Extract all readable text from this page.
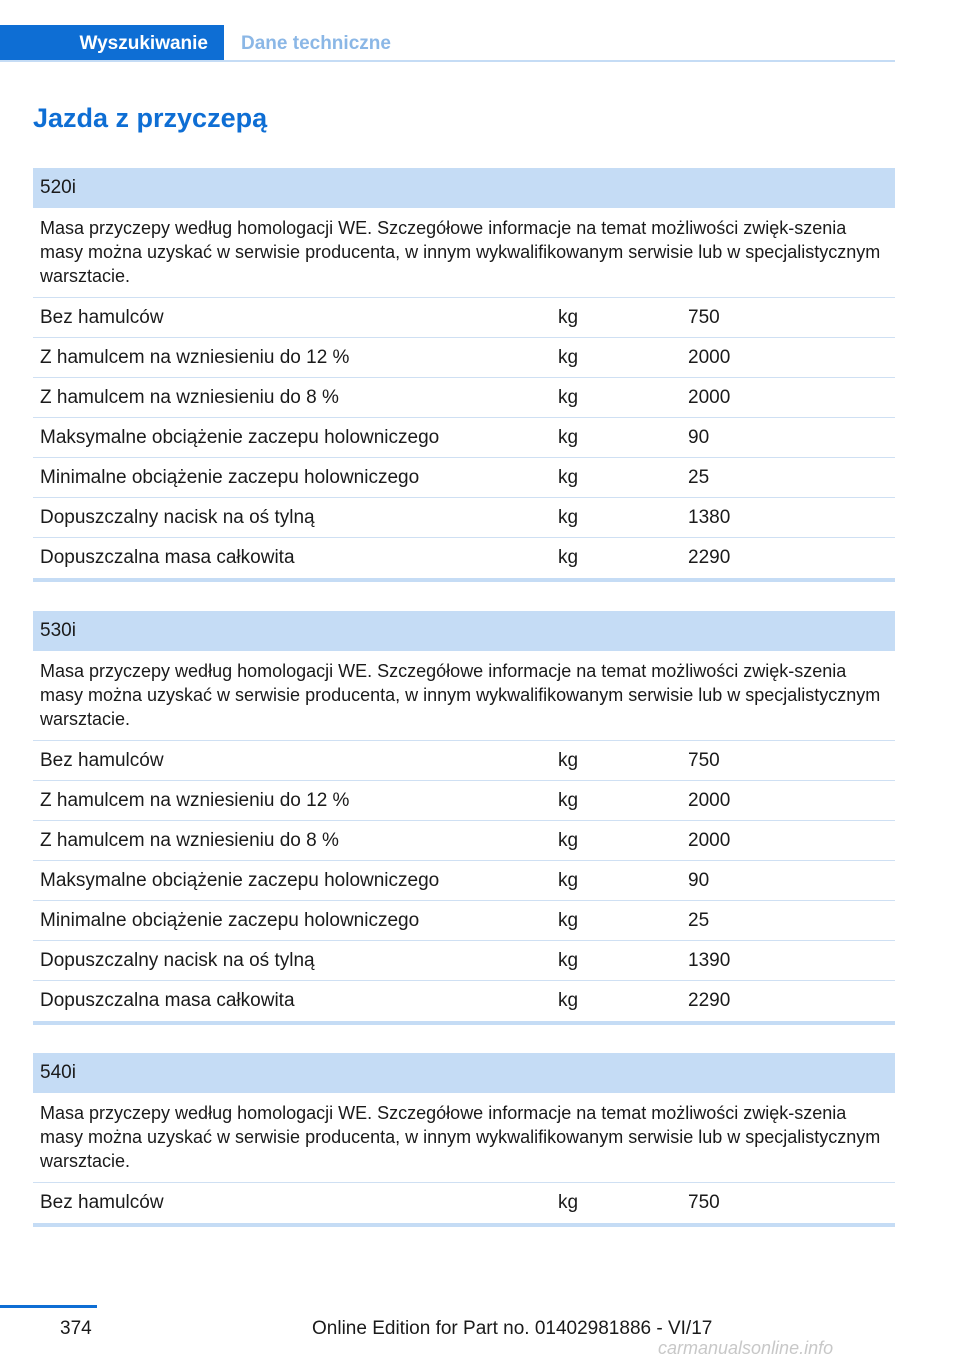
Wyszukiwanie	Dane techniczne
Jazda z przyczepą
520i
Masa przyczepy według homologacji WE. Szczegółowe informacje na temat możliwości zwięk‐szenia masy można uzyskać w serwisie producenta, w innym wykwalifikowanym serwisie lub w specjalistycznym warsztacie.
Bez hamulców	kg	750
Z hamulcem na wzniesieniu do 12 %	kg	2000
Z hamulcem na wzniesieniu do 8 %	kg	2000
Maksymalne obciążenie zaczepu holowniczego	kg	90
Minimalne obciążenie zaczepu holowniczego	kg	25
Dopuszczalny nacisk na oś tylną	kg	1380
Dopuszczalna masa całkowita	kg	2290
530i
Masa przyczepy według homologacji WE. Szczegółowe informacje na temat możliwości zwięk‐szenia masy można uzyskać w serwisie producenta, w innym wykwalifikowanym serwisie lub w specjalistycznym warsztacie.
Bez hamulców	kg	750
Z hamulcem na wzniesieniu do 12 %	kg	2000
Z hamulcem na wzniesieniu do 8 %	kg	2000
Maksymalne obciążenie zaczepu holowniczego	kg	90
Minimalne obciążenie zaczepu holowniczego	kg	25
Dopuszczalny nacisk na oś tylną	kg	1390
Dopuszczalna masa całkowita	kg	2290
540i
Masa przyczepy według homologacji WE. Szczegółowe informacje na temat możliwości zwięk‐szenia masy można uzyskać w serwisie producenta, w innym wykwalifikowanym serwisie lub w specjalistycznym warsztacie.
Bez hamulców	kg	750
374	Online Edition for Part no. 01402981886 - VI/17
carmanualsonline.info
